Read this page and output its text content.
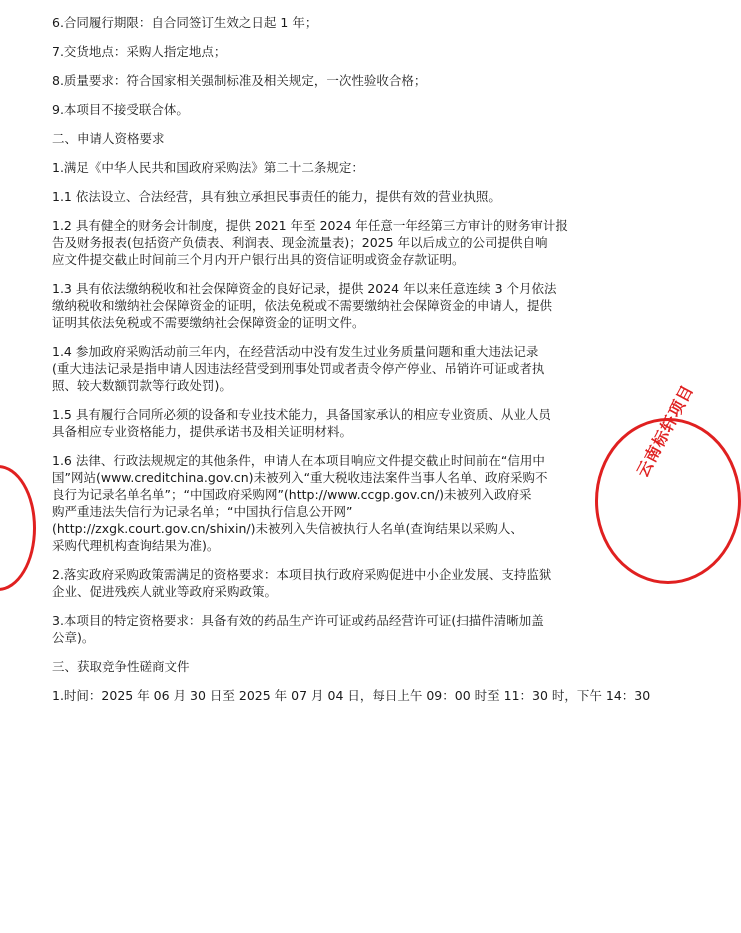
6.合同履行期限：自合同签订生效之日起 1 年；
7.交货地点：采购人指定地点；
8.质量要求：符合国家相关强制标准及相关规定，一次性验收合格；
9.本项目不接受联合体。
二、申请人资格要求
1.满足《中华人民共和国政府采购法》第二十二条规定：
1.1 依法设立、合法经营，具有独立承担民事责任的能力，提供有效的营业执照。
1.2 具有健全的财务会计制度，提供 2021 年至 2024 年任意一年经第三方审计的财务审计报
告及财务报表(包括资产负债表、利润表、现金流量表)；2025 年以后成立的公司提供自响
应文件提交截止时间前三个月内开户银行出具的资信证明或资金存款证明。
1.3 具有依法缴纳税收和社会保障资金的良好记录，提供 2024 年以来任意连续 3 个月依法
缴纳税收和缴纳社会保障资金的证明，依法免税或不需要缴纳社会保障资金的申请人，提供
证明其依法免税或不需要缴纳社会保障资金的证明文件。
1.4 参加政府采购活动前三年内，在经营活动中没有发生过业务质量问题和重大违法记录
(重大违法记录是指申请人因违法经营受到刑事处罚或者责令停产停业、吊销许可证或者执
照、较大数额罚款等行政处罚)。
1.5 具有履行合同所必须的设备和专业技术能力，具备国家承认的相应专业资质、从业人员
具备相应专业资格能力，提供承诺书及相关证明材料。
1.6 法律、行政法规规定的其他条件，申请人在本项目响应文件提交截止时间前在“信用中
国”网站(www.creditchina.gov.cn)未被列入“重大税收违法案件当事人名单、政府采购不
良行为记录名单名单”；“中国政府采购网”(http://www.ccgp.gov.cn/)未被列入政府采
购严重违法失信行为记录名单；“中国执行信息公开网”
(http://zxgk.court.gov.cn/shixin/)未被列入失信被执行人名单(查询结果以采购人、
采购代理机构查询结果为准)。
2.落实政府采购政策需满足的资格要求：本项目执行政府采购促进中小企业发展、支持监狱
企业、促进残疾人就业等政府采购政策。
3.本项目的特定资格要求：具备有效的药品生产许可证或药品经营许可证(扫描件清晰加盖
公章)。
三、获取竞争性磋商文件
1.时间：2025 年 06 月 30 日至 2025 年 07 月 04 日，每日上午 09：00 时至 11：30 时，下午 14：30
云南标轩项目
